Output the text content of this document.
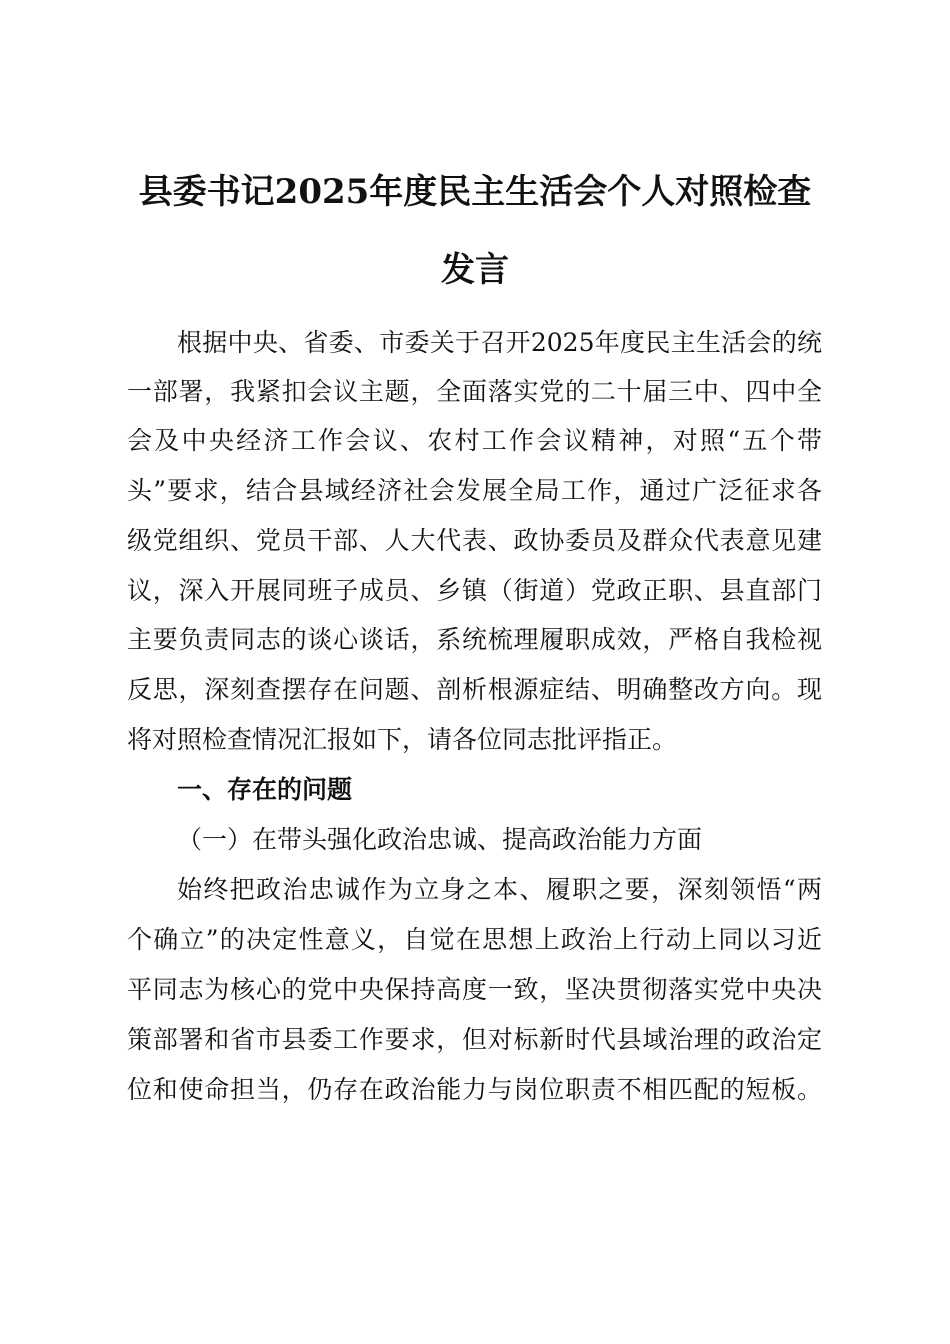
县委书记2025年度民主生活会个人对照检查
发言
根据中央、省委、市委关于召开2025年度民主生活会的统
一部署，我紧扣会议主题，全面落实党的二十届三中、四中全
会及中央经济工作会议、农村工作会议精神，对照“五个带
头”要求，结合县域经济社会发展全局工作，通过广泛征求各
级党组织、党员干部、人大代表、政协委员及群众代表意见建
议，深入开展同班子成员、乡镇（街道）党政正职、县直部门
主要负责同志的谈心谈话，系统梳理履职成效，严格自我检视
反思，深刻查摆存在问题、剖析根源症结、明确整改方向。现
将对照检查情况汇报如下，请各位同志批评指正。
一、存在的问题
（一）在带头强化政治忠诚、提高政治能力方面
始终把政治忠诚作为立身之本、履职之要，深刻领悟“两
个确立”的决定性意义，自觉在思想上政治上行动上同以习近
平同志为核心的党中央保持高度一致，坚决贯彻落实党中央决
策部署和省市县委工作要求，但对标新时代县域治理的政治定
位和使命担当，仍存在政治能力与岗位职责不相匹配的短板。
